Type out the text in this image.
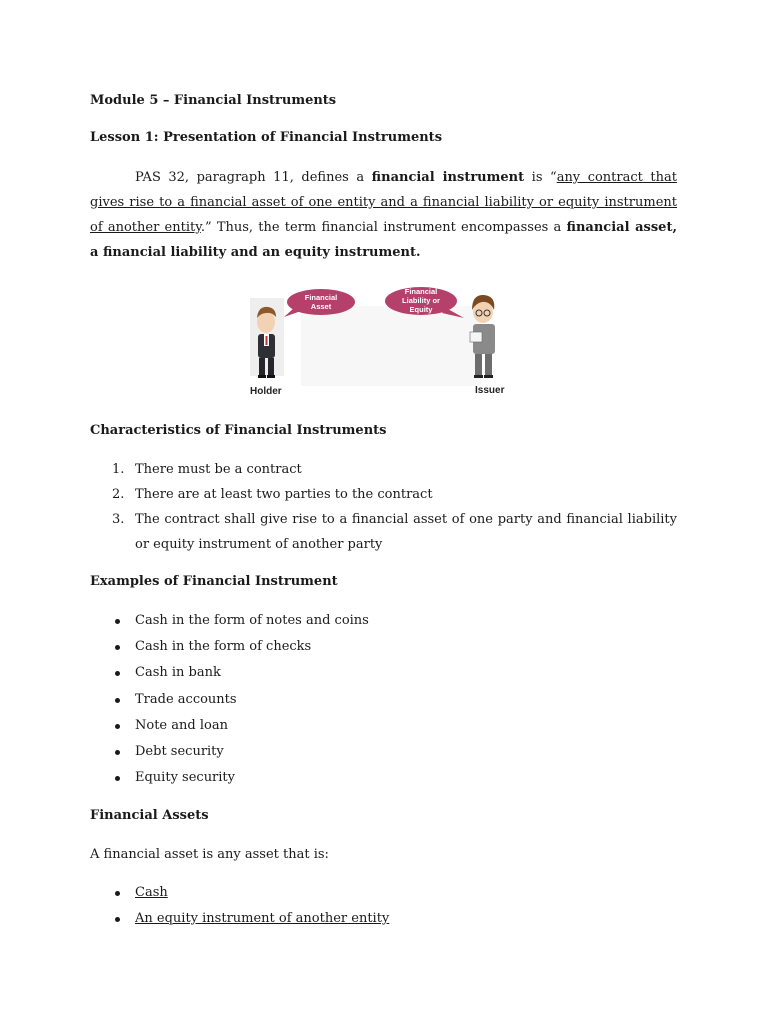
Module 5 – Financial Instruments

Lesson 1: Presentation of Financial Instruments

PAS 32, paragraph 11, defines a financial instrument is “any contract that gives rise to a financial asset of one entity and a financial liability or equity instrument of another entity.” Thus, the term financial instrument encompasses a financial asset, a financial liability and an equity instrument.

Financial
Asset
Financial
Liability or
Equity
Holder	Issuer

Characteristics of Financial Instruments

1. There must be a contract
2. There are at least two parties to the contract
3. The contract shall give rise to a financial asset of one party and financial liability or equity instrument of another party

Examples of Financial Instrument

Cash in the form of notes and coins
Cash in the form of checks
Cash in bank
Trade accounts
Note and loan
Debt security
Equity security

Financial Assets

A financial asset is any asset that is:

Cash
An equity instrument of another entity
